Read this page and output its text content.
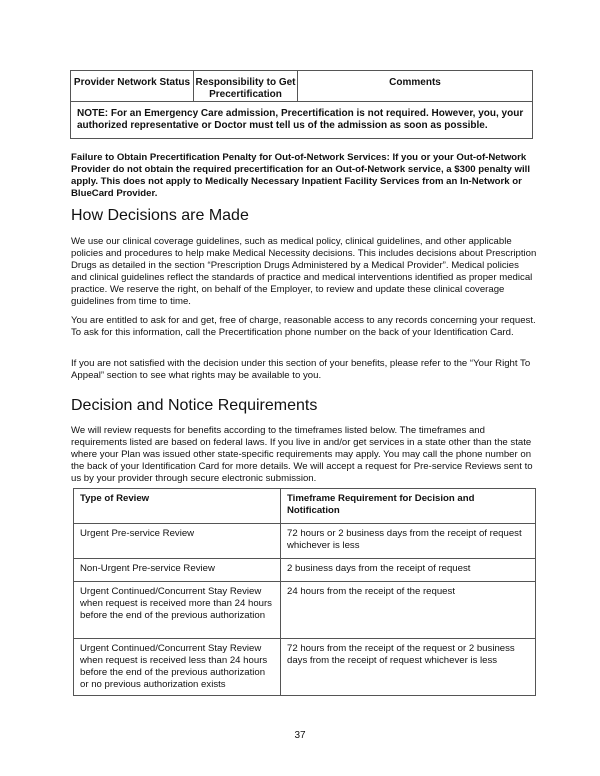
Provider Network Status	Responsibility to Get Precertification	Comments
NOTE: For an Emergency Care admission, Precertification is not required. However, you, your authorized representative or Doctor must tell us of the admission as soon as possible.

Failure to Obtain Precertification Penalty for Out-of-Network Services: If you or your Out-of-Network Provider do not obtain the required precertification for an Out-of-Network service, a $300 penalty will apply. This does not apply to Medically Necessary Inpatient Facility Services from an In-Network or BlueCard Provider.

How Decisions are Made

We use our clinical coverage guidelines, such as medical policy, clinical guidelines, and other applicable policies and procedures to help make Medical Necessity decisions. This includes decisions about Prescription Drugs as detailed in the section “Prescription Drugs Administered by a Medical Provider”. Medical policies and clinical guidelines reflect the standards of practice and medical interventions identified as proper medical practice. We reserve the right, on behalf of the Employer, to review and update these clinical coverage guidelines from time to time.

You are entitled to ask for and get, free of charge, reasonable access to any records concerning your request. To ask for this information, call the Precertification phone number on the back of your Identification Card.

If you are not satisfied with the decision under this section of your benefits, please refer to the “Your Right To Appeal” section to see what rights may be available to you.

Decision and Notice Requirements

We will review requests for benefits according to the timeframes listed below. The timeframes and requirements listed are based on federal laws. If you live in and/or get services in a state other than the state where your Plan was issued other state-specific requirements may apply. You may call the phone number on the back of your Identification Card for more details. We will accept a request for Pre-service Reviews sent to us by your provider through secure electronic submission.

Type of Review	Timeframe Requirement for Decision and Notification
Urgent Pre-service Review	72 hours or 2 business days from the receipt of request whichever is less
Non-Urgent Pre-service Review	2 business days from the receipt of request
Urgent Continued/Concurrent Stay Review when request is received more than 24 hours before the end of the previous authorization	24 hours from the receipt of the request
Urgent Continued/Concurrent Stay Review when request is received less than 24 hours before the end of the previous authorization or no previous authorization exists	72 hours from the receipt of the request or 2 business days from the receipt of request whichever is less
37
